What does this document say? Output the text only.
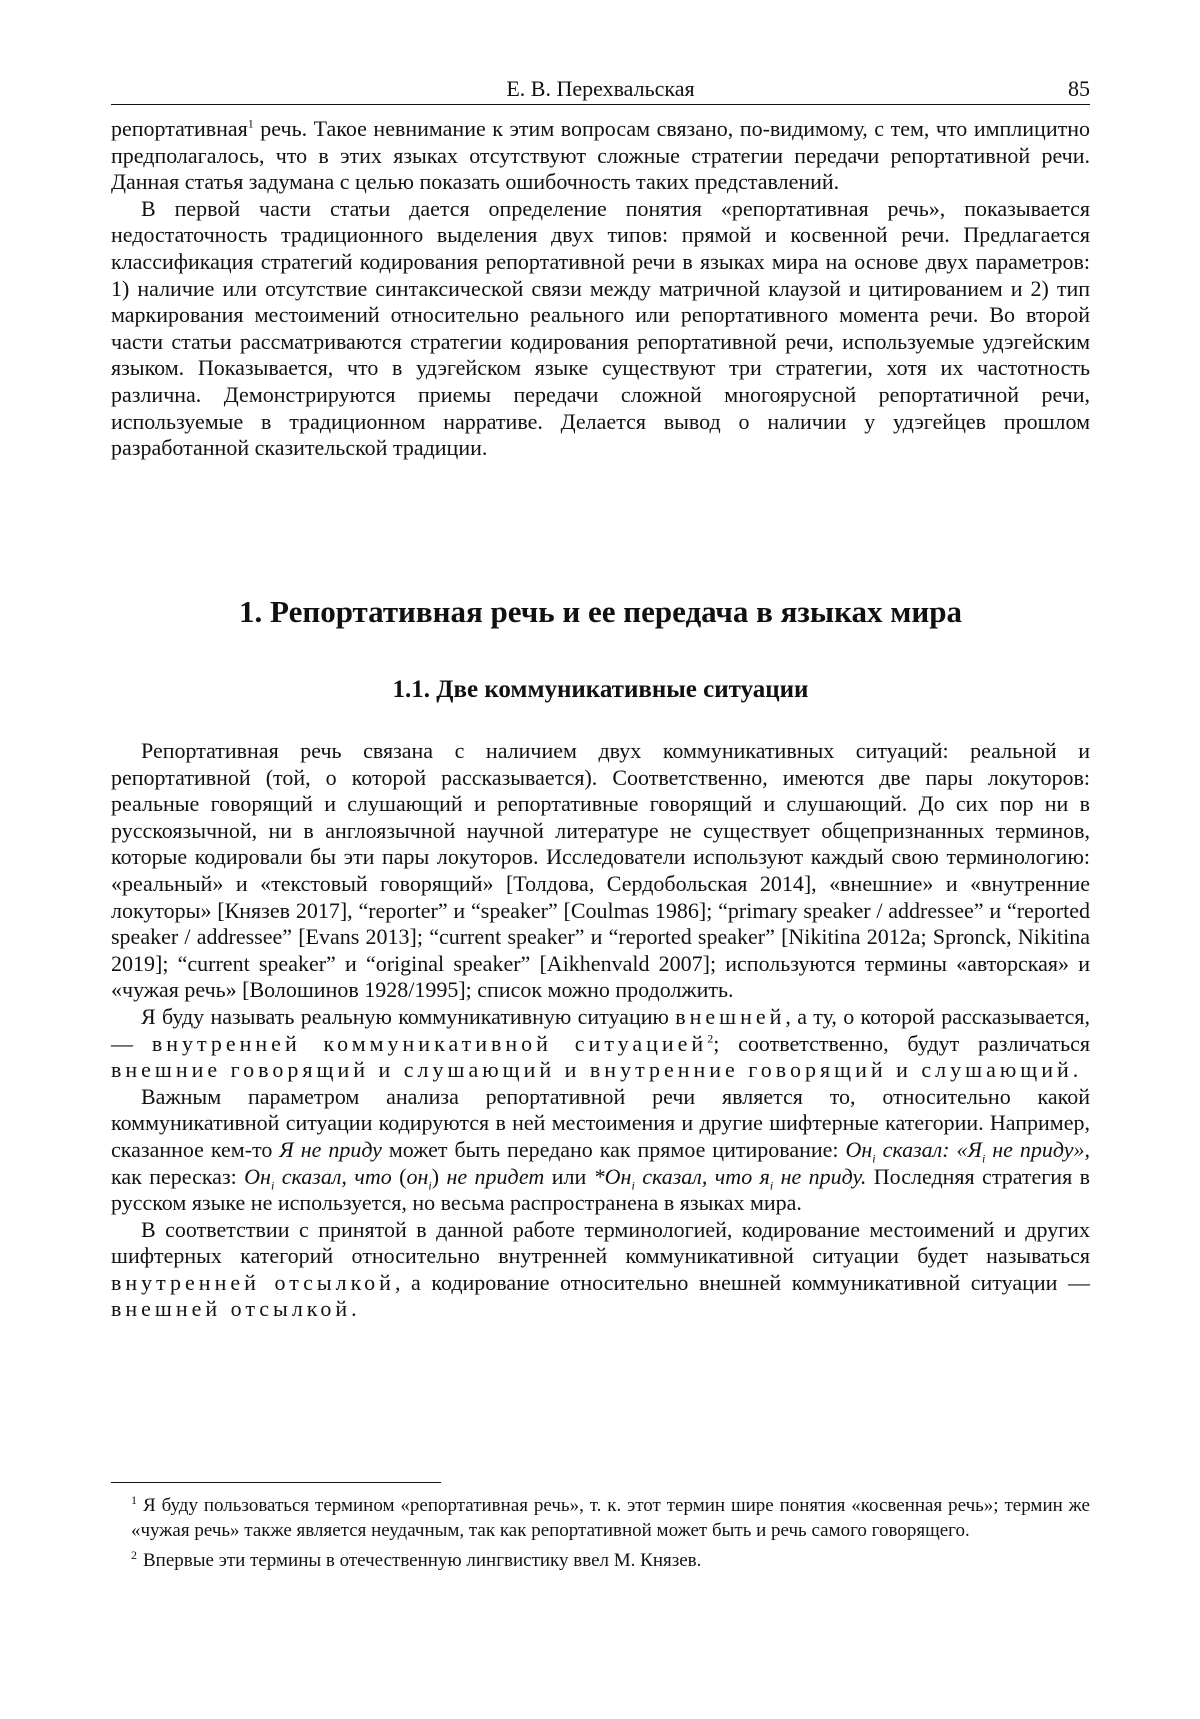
Е. В. Перехвальская	85

репортативная$^1$ речь. Такое невнимание к этим вопросам связано, по-видимому, с тем, что имплицитно предполагалось, что в этих языках отсутствуют сложные стратегии передачи репортативной речи. Данная статья задумана с целью показать ошибочность таких представлений.

В первой части статьи дается определение понятия «репортативная речь», показывается недостаточность традиционного выделения двух типов: прямой и косвенной речи. Предлагается классификация стратегий кодирования репортативной речи в языках мира на основе двух параметров: 1) наличие или отсутствие синтаксической связи между матричной клаузой и цитированием и 2) тип маркирования местоимений относительно реального или репортативного момента речи. Во второй части статьи рассматриваются стратегии кодирования репортативной речи, используемые удэгейским языком. Показывается, что в удэгейском языке существуют три стратегии, хотя их частотность различна. Демонстрируются приемы передачи сложной многоярусной репортатичной речи, используемые в традиционном нарративе. Делается вывод о наличии у удэгейцев прошлом разработанной сказительской традиции.

1. Репортативная речь и ее передача в языках мира
1.1. Две коммуникативные ситуации

Репортативная речь связана с наличием двух коммуникативных ситуаций: реальной и репортативной (той, о которой рассказывается). Соответственно, имеются две пары локуторов: реальные говорящий и слушающий и репортативные говорящий и слушающий. До сих пор ни в русскоязычной, ни в англоязычной научной литературе не существует общепризнанных терминов, которые кодировали бы эти пары локуторов. Исследователи используют каждый свою терминологию: «реальный» и «текстовый говорящий» [Толдова, Сердобольская 2014], «внешние» и «внутренние локуторы» [Князев 2017], “reporter” и “speaker” [Coulmas 1986]; “primary speaker / addressee” и “reported speaker / addressee” [Evans 2013]; “current speaker” и “reported speaker” [Nikitina 2012a; Spronck, Nikitina 2019]; “current speaker” и “original speaker” [Aikhenvald 2007]; используются термины «авторская» и «чужая речь» [Волошинов 1928/1995]; список можно продолжить.

Я буду называть реальную коммуникативную ситуацию внешней, а ту, о которой рассказывается, — внутренней коммуникативной ситуацией$^2$; соответственно, будут различаться внешние говорящий и слушающий и внутренние говорящий и слушающий.

Важным параметром анализа репортативной речи является то, относительно какой коммуникативной ситуации кодируются в ней местоимения и другие шифтерные категории. Например, сказанное кем-то Я не приду может быть передано как прямое цитирование: $Он_i$ сказал: «$Я_i$ не приду», как пересказ: $Он_i$ сказал, что $(он_i)$ не придет или $*Он_i$ сказал, что $я_i$ не приду. Последняя стратегия в русском языке не используется, но весьма распространена в языках мира.

В соответствии с принятой в данной работе терминологией, кодирование местоимений и других шифтерных категорий относительно внутренней коммуникативной ситуации будет называться внутренней отсылкой, а кодирование относительно внешней коммуникативной ситуации — внешней отсылкой.

$^1$ Я буду пользоваться термином «репортативная речь», т. к. этот термин шире понятия «косвенная речь»; термин же «чужая речь» также является неудачным, так как репортативной может быть и речь самого говорящего.

$^2$ Впервые эти термины в отечественную лингвистику ввел М. Князев.
